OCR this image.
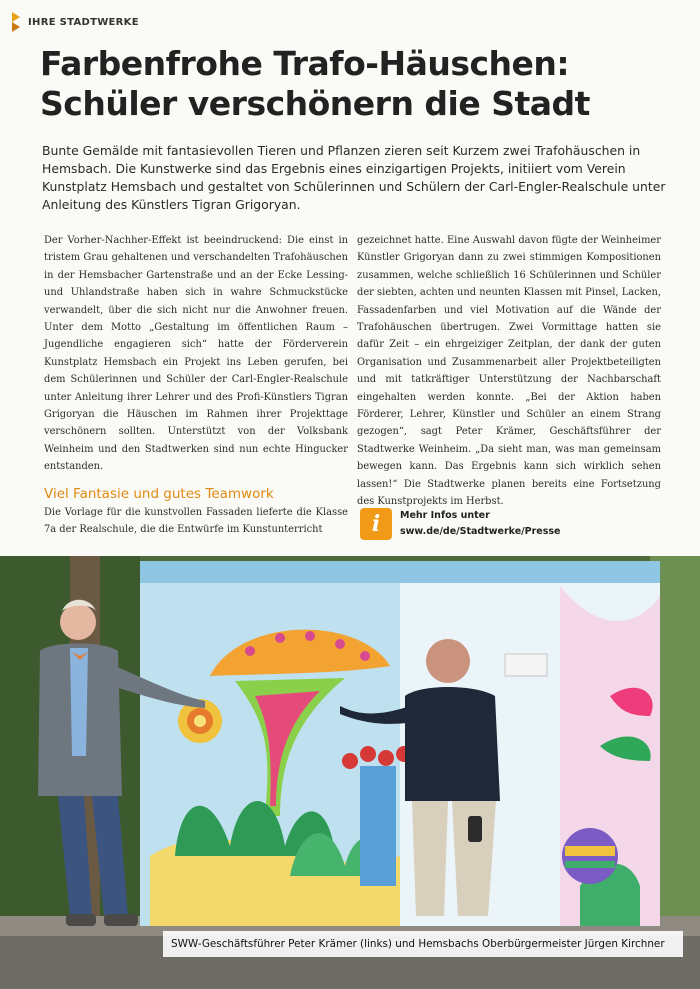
IHRE STADTWERKE
Farbenfrohe Trafo-Häuschen:
Schüler verschönern die Stadt

Bunte Gemälde mit fantasievollen Tieren und Pflanzen zieren seit Kurzem zwei Trafohäuschen in Hemsbach. Die Kunstwerke sind das Ergebnis eines einzigartigen Projekts, initiiert vom Verein Kunstplatz Hemsbach und gestaltet von Schülerinnen und Schülern der Carl-Engler-Realschule unter Anleitung des Künstlers Tigran Grigoryan.

Der Vorher-Nachher-Effekt ist beeindruckend: Die einst in tristem Grau gehaltenen und verschandelten Trafohäuschen in der Hemsbacher Gartenstraße und an der Ecke Lessing- und Uhlandstraße haben sich in wahre Schmuckstücke verwandelt, über die sich nicht nur die Anwohner freuen. Unter dem Motto „Gestaltung im öffentlichen Raum – Jugendliche engagieren sich“ hatte der Förderverein Kunstplatz Hemsbach ein Projekt ins Leben gerufen, bei dem Schülerinnen und Schüler der Carl-Engler-Realschule unter Anleitung ihrer Lehrer und des Profi-Künstlers Tigran Grigoryan die Häuschen im Rahmen ihrer Projekttage verschönern sollten. Unterstützt von der Volksbank Weinheim und den Stadtwerken sind nun echte Hingucker entstanden.

Viel Fantasie und gutes Teamwork

Die Vorlage für die kunstvollen Fassaden lieferte die Klasse 7a der Realschule, die die Entwürfe im Kunstunterricht

gezeichnet hatte. Eine Auswahl davon fügte der Weinheimer Künstler Grigoryan dann zu zwei stimmigen Kompositionen zusammen, welche schließlich 16 Schülerinnen und Schüler der siebten, achten und neunten Klassen mit Pinsel, Lacken, Fassadenfarben und viel Motivation auf die Wände der Trafohäuschen übertrugen. Zwei Vormittage hatten sie dafür Zeit – ein ehrgeiziger Zeitplan, der dank der guten Organisation und Zusammenarbeit aller Projektbeteiligten und mit tatkräftiger Unterstützung der Nachbarschaft eingehalten werden konnte. „Bei der Aktion haben Förderer, Lehrer, Künstler und Schüler an einem Strang gezogen“, sagt Peter Krämer, Geschäftsführer der Stadtwerke Weinheim. „Da sieht man, was man gemeinsam bewegen kann. Das Ergebnis kann sich wirklich sehen lassen!“ Die Stadtwerke planen bereits eine Fortsetzung des Kunstprojekts im Herbst.

i	Mehr Infos unter
sww.de/de/Stadtwerke/Presse
SWW-Geschäftsführer Peter Krämer (links) und Hemsbachs Oberbürgermeister Jürgen Kirchner
